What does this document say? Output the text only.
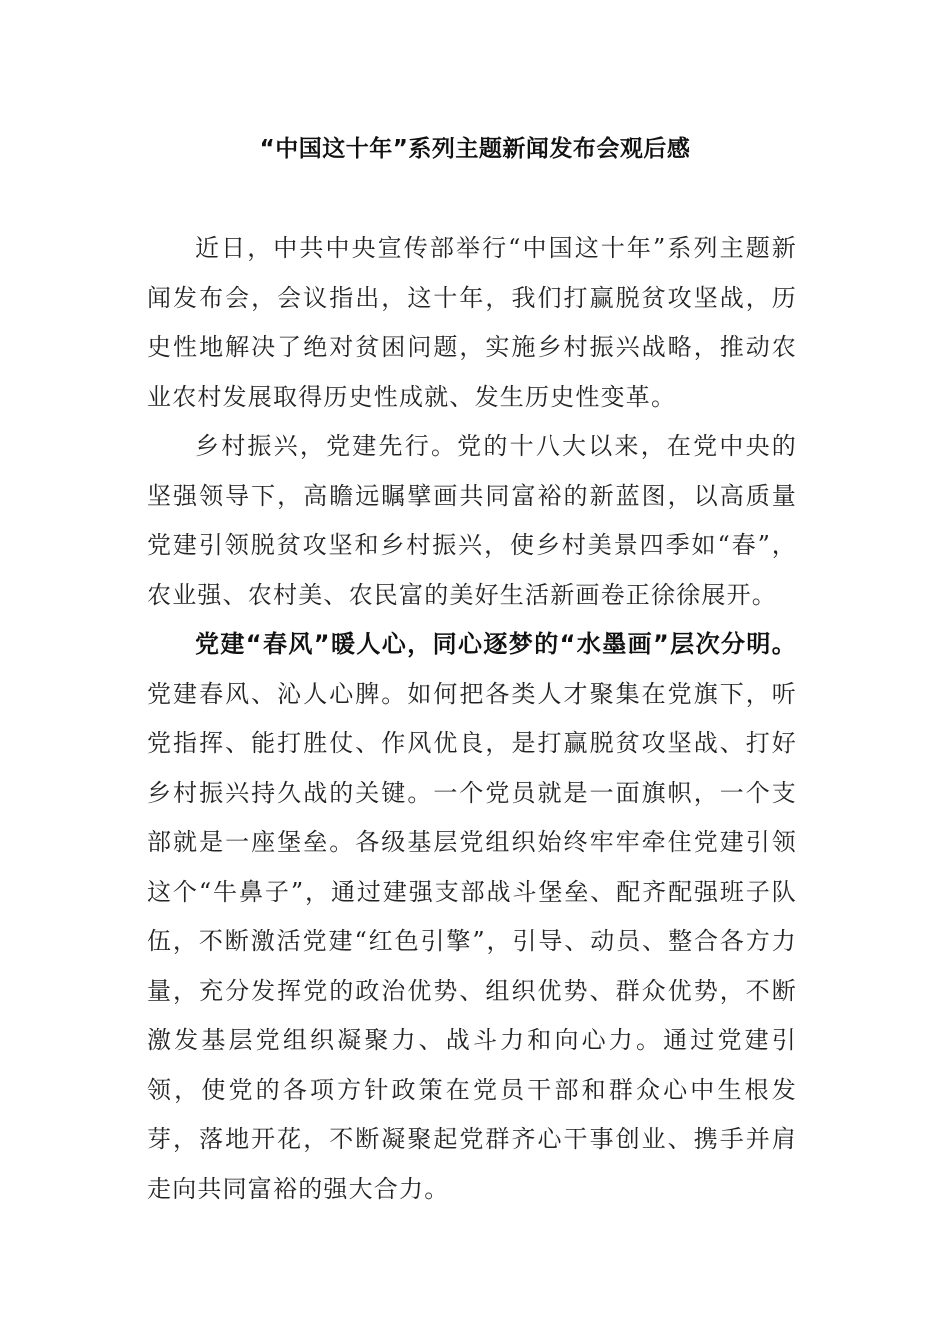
“中国这十年”系列主题新闻发布会观后感

近日，中共中央宣传部举行“中国这十年”系列主题新闻发布会，会议指出，这十年，我们打赢脱贫攻坚战，历史性地解决了绝对贫困问题，实施乡村振兴战略，推动农业农村发展取得历史性成就、发生历史性变革。

乡村振兴，党建先行。党的十八大以来，在党中央的坚强领导下，高瞻远瞩擘画共同富裕的新蓝图，以高质量党建引领脱贫攻坚和乡村振兴，使乡村美景四季如“春”，农业强、农村美、农民富的美好生活新画卷正徐徐展开。

党建“春风”暖人心，同心逐梦的“水墨画”层次分明。党建春风、沁人心脾。如何把各类人才聚集在党旗下，听党指挥、能打胜仗、作风优良，是打赢脱贫攻坚战、打好乡村振兴持久战的关键。一个党员就是一面旗帜，一个支部就是一座堡垒。各级基层党组织始终牢牢牵住党建引领这个“牛鼻子”，通过建强支部战斗堡垒、配齐配强班子队伍，不断激活党建“红色引擎”，引导、动员、整合各方力量，充分发挥党的政治优势、组织优势、群众优势，不断激发基层党组织凝聚力、战斗力和向心力。通过党建引领，使党的各项方针政策在党员干部和群众心中生根发芽，落地开花，不断凝聚起党群齐心干事创业、携手并肩走向共同富裕的强大合力。
